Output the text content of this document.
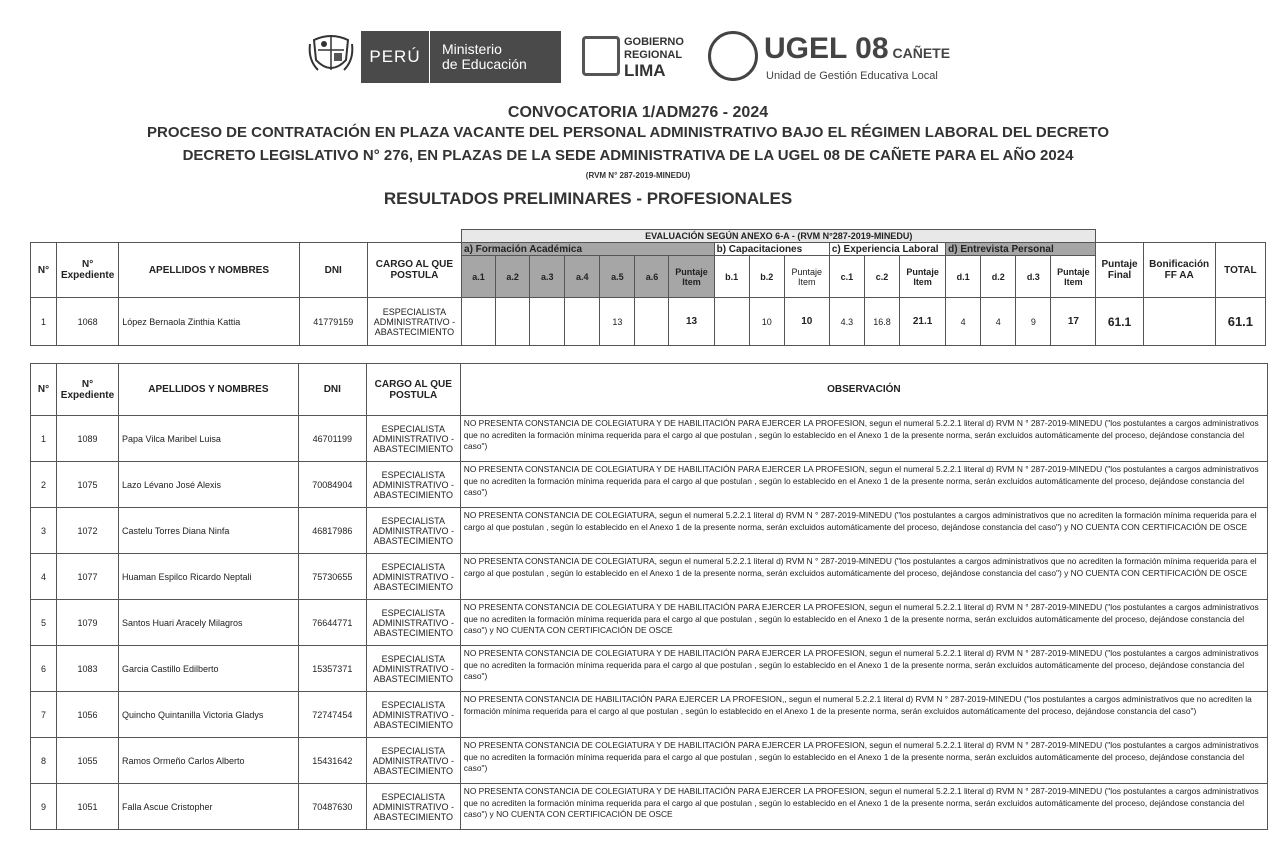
PERÚ	Ministerio
de Educación
GOBIERNO
REGIONAL
LIMA
UGEL 08 CAÑETE
Unidad de Gestión Educativa Local
CONVOCATORIA 1/ADM276 - 2024
PROCESO DE CONTRATACIÓN EN PLAZA VACANTE DEL PERSONAL ADMINISTRATIVO BAJO EL RÉGIMEN LABORAL DEL DECRETO
DECRETO LEGISLATIVO N° 276, EN PLAZAS DE LA SEDE ADMINISTRATIVA DE LA UGEL 08 DE CAÑETE PARA EL AÑO 2024
(RVM N° 287-2019-MINEDU)
RESULTADOS PRELIMINARES - PROFESIONALES
					EVALUACIÓN SEGÚN ANEXO 6-A - (RVM N°287-2019-MINEDU)																			
N°	N° Expediente	APELLIDOS Y NOMBRES	DNI	CARGO AL QUE POSTULA	a) Formación Académica							b) Capacitaciones			c) Experiencia Laboral			d) Entrevista Personal				Puntaje Final	Bonificación FF AA	TOTAL
					a.1	a.2	a.3	a.4	a.5	a.6	Puntaje Item	b.1	b.2	Puntaje Item	c.1	c.2	Puntaje Item	d.1	d.2	d.3	Puntaje Item			
1	1068	López Bernaola Zinthia Kattia	41779159	ESPECIALISTA ADMINISTRATIVO - ABASTECIMIENTO					13		13		10	10	4.3	16.8	21.1	4	4	9	17	61.1		61.1
N°	N° Expediente	APELLIDOS Y NOMBRES	DNI	CARGO AL QUE POSTULA	OBSERVACIÓN
1	1089	Papa Vilca Maribel Luisa	46701199	ESPECIALISTA ADMINISTRATIVO - ABASTECIMIENTO	NO PRESENTA CONSTANCIA DE COLEGIATURA Y DE HABILITACIÓN PARA EJERCER LA PROFESION, segun el numeral 5.2.2.1 literal d) RVM N ° 287-2019-MINEDU ("los postulantes a cargos administrativos que no acrediten la formación mínima requerida para el cargo al que postulan , según lo establecido en el Anexo 1 de la presente norma, serán excluidos automáticamente del proceso, dejándose constancia del caso")
2	1075	Lazo Lévano José Alexis	70084904	ESPECIALISTA ADMINISTRATIVO - ABASTECIMIENTO	NO PRESENTA CONSTANCIA DE COLEGIATURA Y DE HABILITACIÓN PARA EJERCER LA PROFESION, segun el numeral 5.2.2.1 literal d) RVM N ° 287-2019-MINEDU ("los postulantes a cargos administrativos que no acrediten la formación mínima requerida para el cargo al que postulan , según lo establecido en el Anexo 1 de la presente norma, serán excluidos automáticamente del proceso, dejándose constancia del caso")
3	1072	Castelu Torres Diana Ninfa	46817986	ESPECIALISTA ADMINISTRATIVO - ABASTECIMIENTO	NO PRESENTA CONSTANCIA DE COLEGIATURA, segun el numeral 5.2.2.1 literal d) RVM N ° 287-2019-MINEDU ("los postulantes a cargos administrativos que no acrediten la formación mínima requerida para el cargo al que postulan , según lo establecido en el Anexo 1 de la presente norma, serán excluidos automáticamente del proceso, dejándose constancia del caso") y NO CUENTA CON CERTIFICACIÓN DE OSCE
4	1077	Huaman Espilco Ricardo Neptali	75730655	ESPECIALISTA ADMINISTRATIVO - ABASTECIMIENTO	NO PRESENTA CONSTANCIA DE COLEGIATURA, segun el numeral 5.2.2.1 literal d) RVM N ° 287-2019-MINEDU ("los postulantes a cargos administrativos que no acrediten la formación mínima requerida para el cargo al que postulan , según lo establecido en el Anexo 1 de la presente norma, serán excluidos automáticamente del proceso, dejándose constancia del caso") y NO CUENTA CON CERTIFICACIÓN DE OSCE
5	1079	Santos Huari Aracely Milagros	76644771	ESPECIALISTA ADMINISTRATIVO - ABASTECIMIENTO	NO PRESENTA CONSTANCIA DE COLEGIATURA Y DE HABILITACIÓN PARA EJERCER LA PROFESION, segun el numeral 5.2.2.1 literal d) RVM N ° 287-2019-MINEDU ("los postulantes a cargos administrativos que no acrediten la formación mínima requerida para el cargo al que postulan , según lo establecido en el Anexo 1 de la presente norma, serán excluidos automáticamente del proceso, dejándose constancia del caso") y NO CUENTA CON CERTIFICACIÓN DE OSCE
6	1083	Garcia Castillo Edilberto	15357371	ESPECIALISTA ADMINISTRATIVO - ABASTECIMIENTO	NO PRESENTA CONSTANCIA DE COLEGIATURA Y DE HABILITACIÓN PARA EJERCER LA PROFESION, segun el numeral 5.2.2.1 literal d) RVM N ° 287-2019-MINEDU ("los postulantes a cargos administrativos que no acrediten la formación mínima requerida para el cargo al que postulan , según lo establecido en el Anexo 1 de la presente norma, serán excluidos automáticamente del proceso, dejándose constancia del caso")
7	1056	Quincho Quintanilla Victoria Gladys	72747454	ESPECIALISTA ADMINISTRATIVO - ABASTECIMIENTO	NO PRESENTA CONSTANCIA DE HABILITACIÓN PARA EJERCER LA PROFESION,, segun el numeral 5.2.2.1 literal d) RVM N ° 287-2019-MINEDU ("los postulantes a cargos administrativos que no acrediten la formación mínima requerida para el cargo al que postulan , según lo establecido en el Anexo 1 de la presente norma, serán excluidos automáticamente del proceso, dejándose constancia del caso")
8	1055	Ramos Ormeño Carlos Alberto	15431642	ESPECIALISTA ADMINISTRATIVO - ABASTECIMIENTO	NO PRESENTA CONSTANCIA DE COLEGIATURA Y DE HABILITACIÓN PARA EJERCER LA PROFESION, segun el numeral 5.2.2.1 literal d) RVM N ° 287-2019-MINEDU ("los postulantes a cargos administrativos que no acrediten la formación mínima requerida para el cargo al que postulan , según lo establecido en el Anexo 1 de la presente norma, serán excluidos automáticamente del proceso, dejándose constancia del caso")
9	1051	Falla Ascue Cristopher	70487630	ESPECIALISTA ADMINISTRATIVO - ABASTECIMIENTO	NO PRESENTA CONSTANCIA DE COLEGIATURA Y DE HABILITACIÓN PARA EJERCER LA PROFESION, segun el numeral 5.2.2.1 literal d) RVM N ° 287-2019-MINEDU ("los postulantes a cargos administrativos que no acrediten la formación mínima requerida para el cargo al que postulan , según lo establecido en el Anexo 1 de la presente norma, serán excluidos automáticamente del proceso, dejándose constancia del caso") y NO CUENTA CON CERTIFICACIÓN DE OSCE
